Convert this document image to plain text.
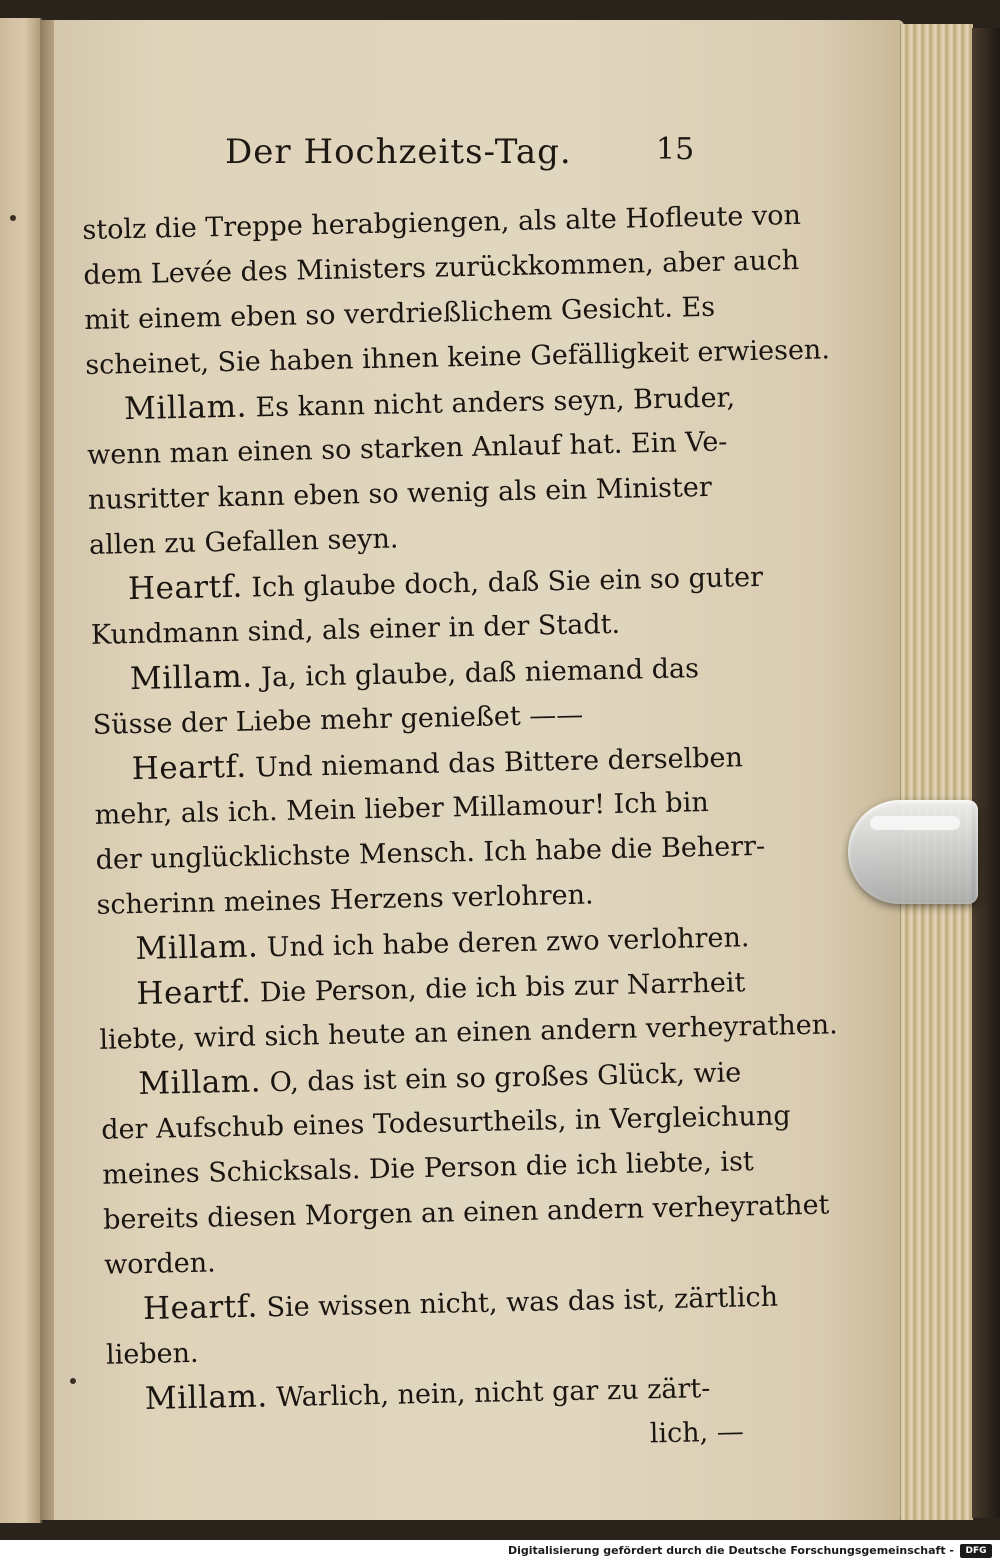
Der Hochzeits-Tag.	15
stolz die Treppe herabgiengen, als alte Hofleute von
dem Levée des Ministers zurückkommen, aber auch
mit einem eben so verdrießlichem Gesicht. Es
scheinet, Sie haben ihnen keine Gefälligkeit erwiesen.
Millam. Es kann nicht anders seyn, Bruder,
wenn man einen so starken Anlauf hat. Ein Ve-
nusritter kann eben so wenig als ein Minister
allen zu Gefallen seyn.
Heartf. Ich glaube doch, daß Sie ein so guter
Kundmann sind, als einer in der Stadt.
Millam. Ja, ich glaube, daß niemand das
Süsse der Liebe mehr genießet ——
Heartf. Und niemand das Bittere derselben
mehr, als ich. Mein lieber Millamour! Ich bin
der unglücklichste Mensch. Ich habe die Beherr-
scherinn meines Herzens verlohren.
Millam. Und ich habe deren zwo verlohren.
Heartf. Die Person, die ich bis zur Narrheit
liebte, wird sich heute an einen andern verheyrathen.
Millam. O, das ist ein so großes Glück, wie
der Aufschub eines Todesurtheils, in Vergleichung
meines Schicksals. Die Person die ich liebte, ist
bereits diesen Morgen an einen andern verheyrathet
worden.
Heartf. Sie wissen nicht, was das ist, zärtlich
lieben.
Millam. Warlich, nein, nicht gar zu zärt-
lich, —
Digitalisierung gefördert durch die Deutsche Forschungsgemeinschaft -	DFG
